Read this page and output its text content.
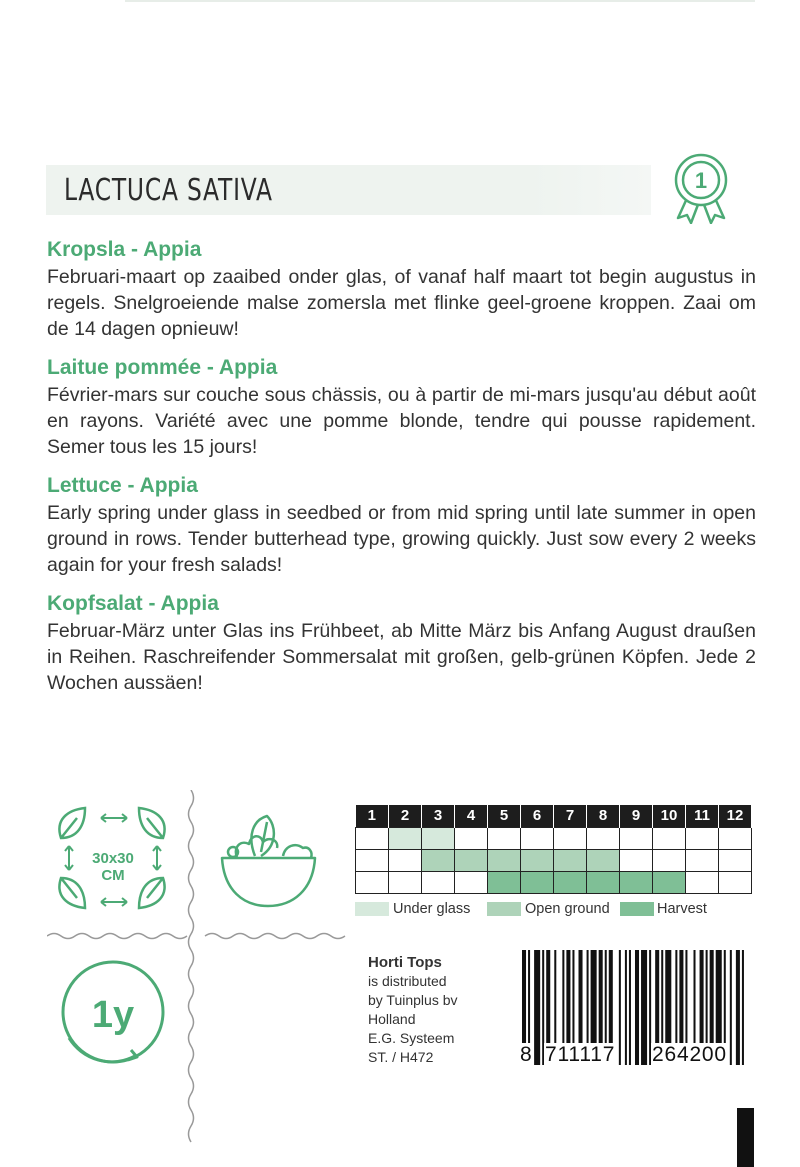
LACTUCA SATIVA	1
Kropsla - Appia

Februari-maart op zaaibed onder glas, of vanaf half maart tot begin augustus in regels. Snelgroeiende malse zomersla met flinke geel-groene kroppen. Zaai om de 14 dagen opnieuw!

Laitue pommée - Appia

Février-mars sur couche sous chässis, ou à partir de mi-mars jusqu'au début août en rayons. Variété avec une pomme blonde, tendre qui pousse rapidement. Semer tous les 15 jours!

Lettuce - Appia

Early spring under glass in seedbed or from mid spring until late summer in open ground in rows. Tender butterhead type, growing quickly. Just sow every 2 weeks again for your fresh salads!

Kopfsalat - Appia

Februar-März unter Glas ins Frühbeet, ab Mitte März bis Anfang August draußen in Reihen. Raschreifender Sommersalat mit großen, gelb-grünen Köpfen. Jede 2 Wochen aussäen!

30x30
CM
1y
1	2	3	4	5	6	7	8	9	10	11	12

Under glass	Open ground	Harvest
Horti Tops
is distributed
by Tuinplus bv
Holland
E.G. Systeem
ST. / H472	8 711117 264200
